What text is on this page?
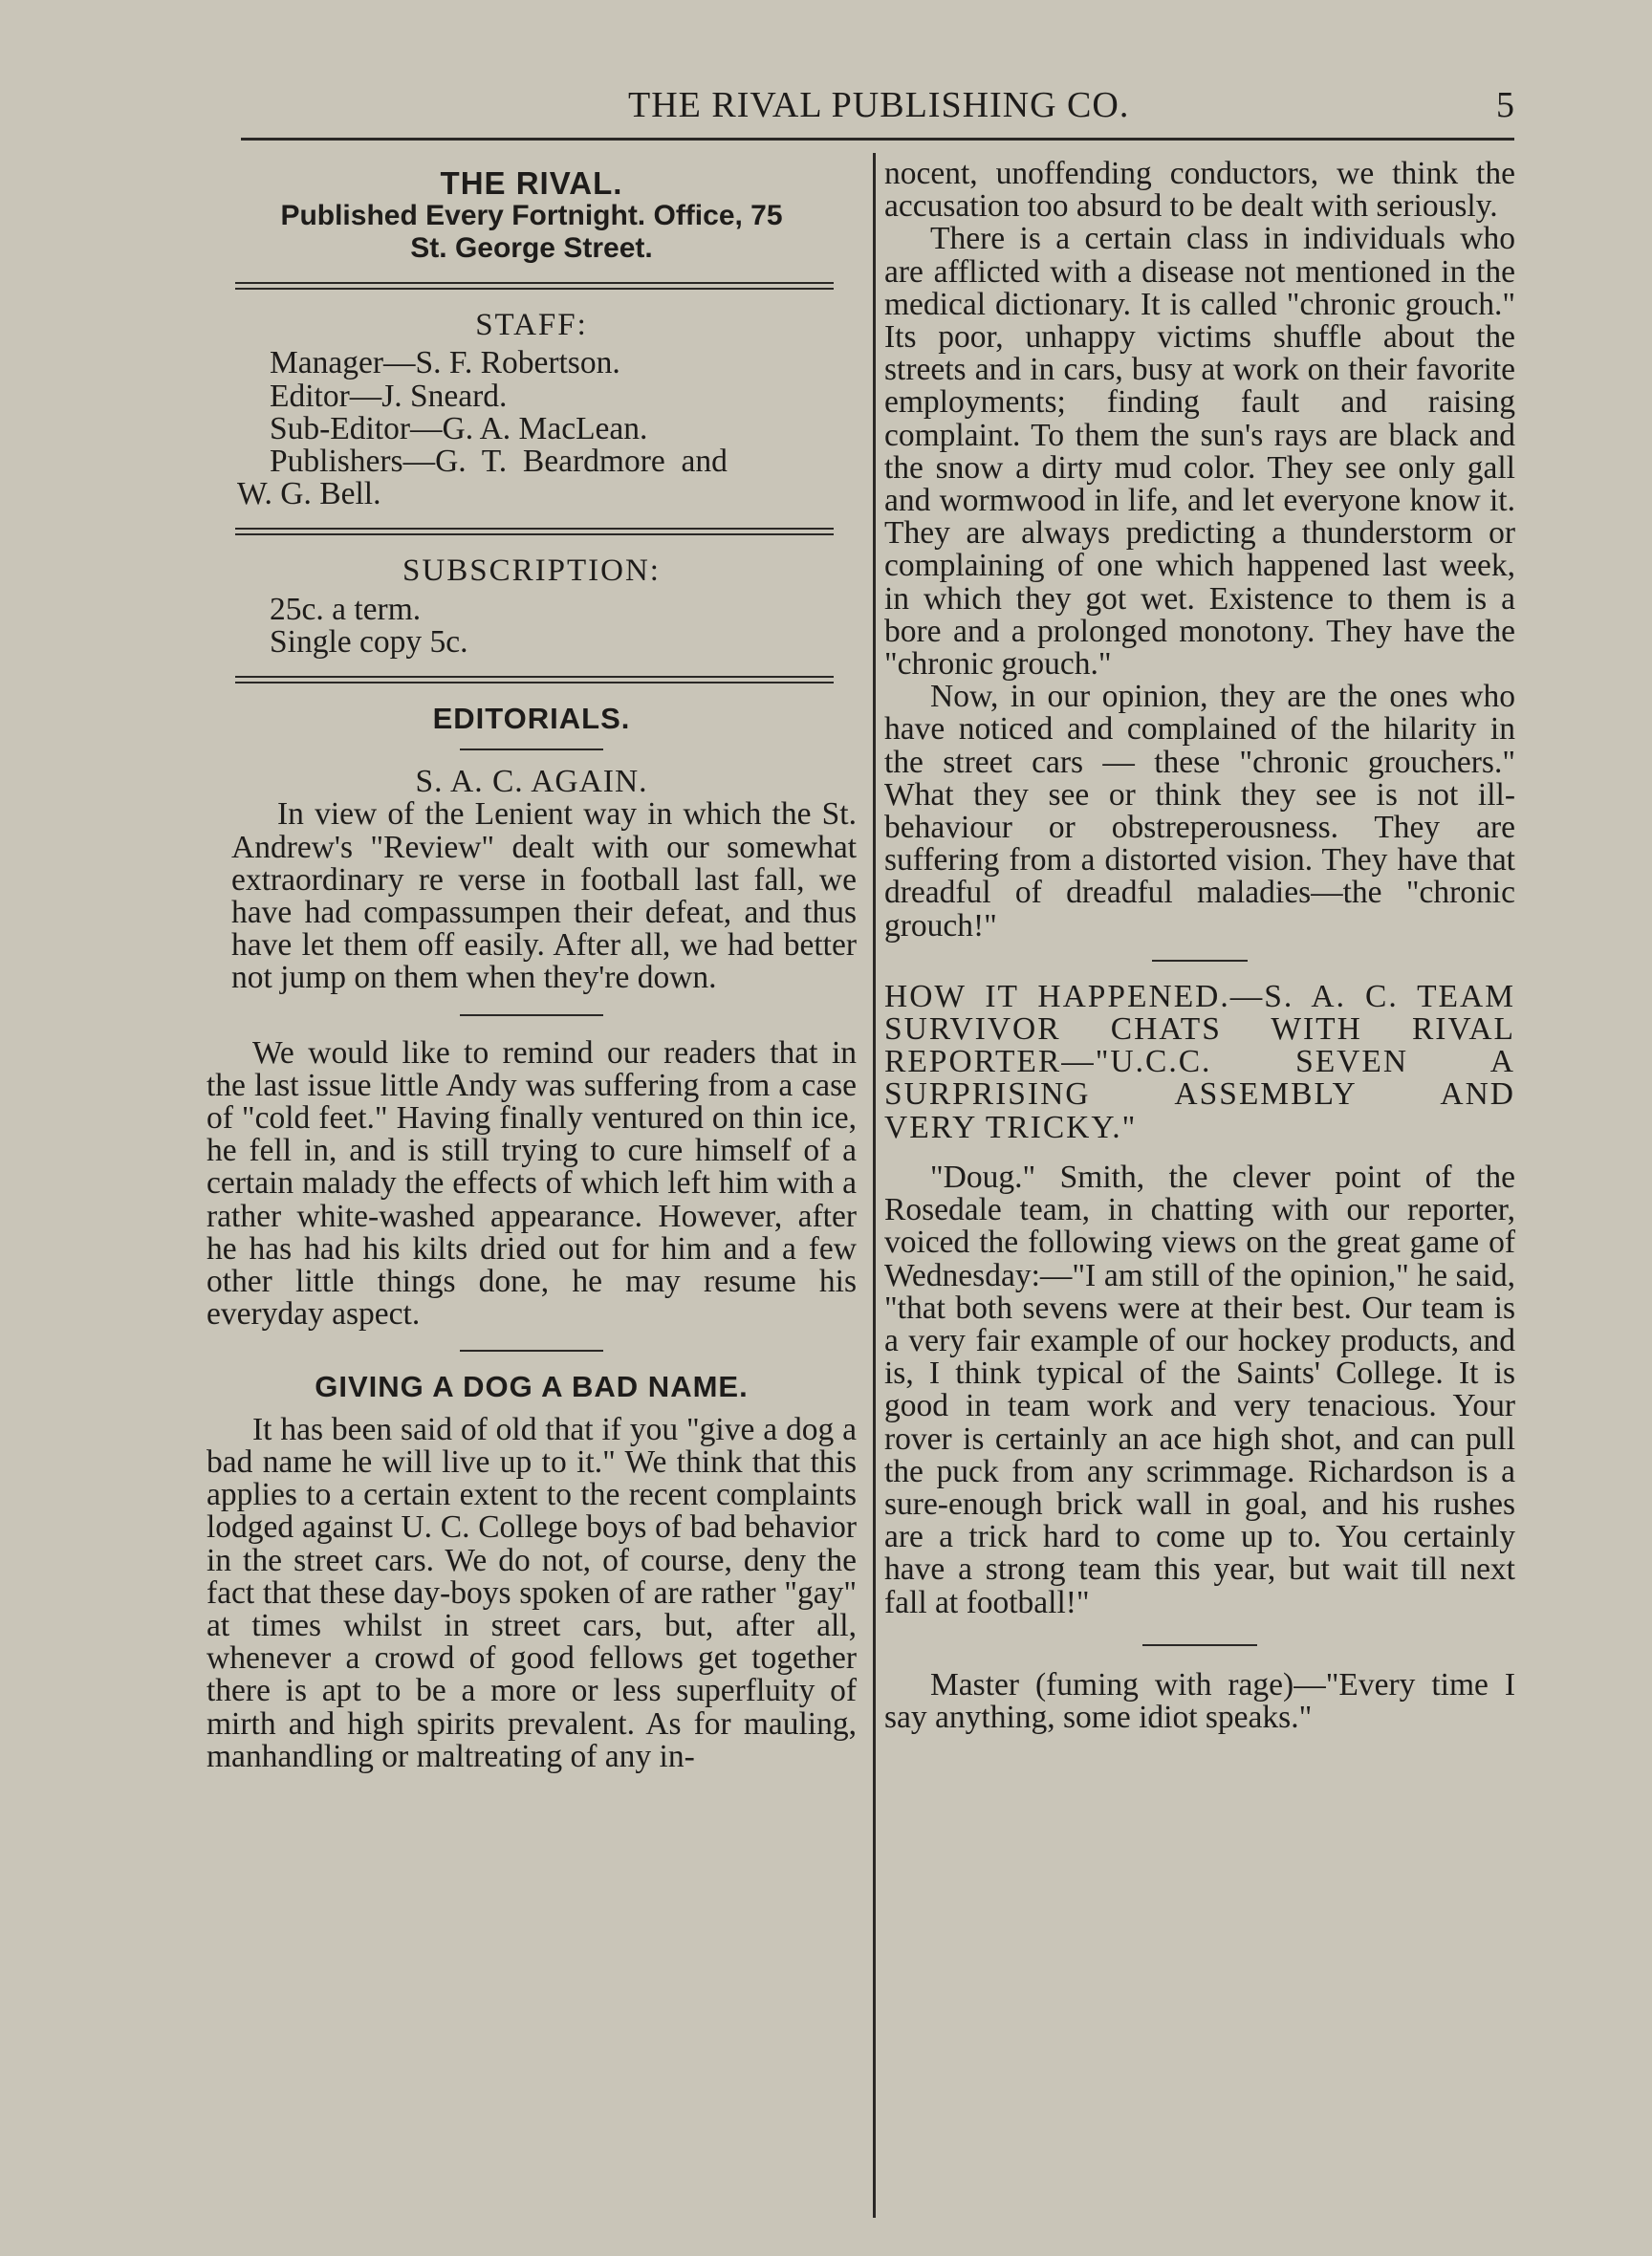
THE RIVAL PUBLISHING CO.	5
THE RIVAL.
Published Every Fortnight. Office, 75
St. George Street.
STAFF:
Manager—S. F. Robertson.
Editor—J. Sneard.
Sub-Editor—G. A. MacLean.
Publishers—G.  T.  Beardmore  and
W. G. Bell.
SUBSCRIPTION:
25c. a term.
Single copy 5c.
EDITORIALS.
S. A. C. AGAIN.

In view of the Lenient way in which the St. Andrew's "Review" dealt with our somewhat extraordinary re verse in football last fall, we have had compassumpen their defeat, and thus have let them off easily. After all, we had better not jump on them when they're down.

We would like to remind our readers that in the last issue little Andy was suffering from a case of "cold feet." Having finally ventured on thin ice, he fell in, and is still trying to cure himself of a certain malady the effects of which left him with a rather white-washed appearance. However, after he has had his kilts dried out for him and a few other little things done, he may resume his everyday aspect.

GIVING A DOG A BAD NAME.

It has been said of old that if you "give a dog a bad name he will live up to it." We think that this applies to a certain extent to the recent complaints lodged against U. C. College boys of bad behavior in the street cars. We do not, of course, deny the fact that these day-boys spoken of are rather "gay" at times whilst in street cars, but, after all, whenever a crowd of good fellows get together there is apt to be a more or less superfluity of mirth and high spirits prevalent. As for mauling, manhandling or maltreating of any in-

nocent, unoffending conductors, we think the accusation too absurd to be dealt with seriously.

There is a certain class in individuals who are afflicted with a disease not mentioned in the medical dictionary. It is called "chronic grouch." Its poor, unhappy victims shuffle about the streets and in cars, busy at work on their favorite employments; finding fault and raising complaint. To them the sun's rays are black and the snow a dirty mud color. They see only gall and wormwood in life, and let everyone know it. They are always predicting a thunderstorm or complaining of one which happened last week, in which they got wet. Existence to them is a bore and a prolonged monotony. They have the "chronic grouch."

Now, in our opinion, they are the ones who have noticed and complained of the hilarity in the street cars — these "chronic grouchers." What they see or think they see is not ill-behaviour or obstreperousness. They are suffering from a distorted vision. They have that dreadful of dreadful maladies—the "chronic grouch!"

HOW IT HAPPENED.—S. A. C. TEAM SURVIVOR CHATS WITH RIVAL REPORTER—"U.C.C. SEVEN A SURPRISING ASSEMBLY AND

VERY TRICKY."

"Doug." Smith, the clever point of the Rosedale team, in chatting with our reporter, voiced the following views on the great game of Wednesday:—"I am still of the opinion," he said, "that both sevens were at their best. Our team is a very fair example of our hockey products, and is, I think typical of the Saints' College. It is good in team work and very tenacious. Your rover is certainly an ace high shot, and can pull the puck from any scrimmage. Richardson is a sure-enough brick wall in goal, and his rushes are a trick hard to come up to. You certainly have a strong team this year, but wait till next fall at football!"

Master (fuming with rage)—"Every time I say anything, some idiot speaks."
